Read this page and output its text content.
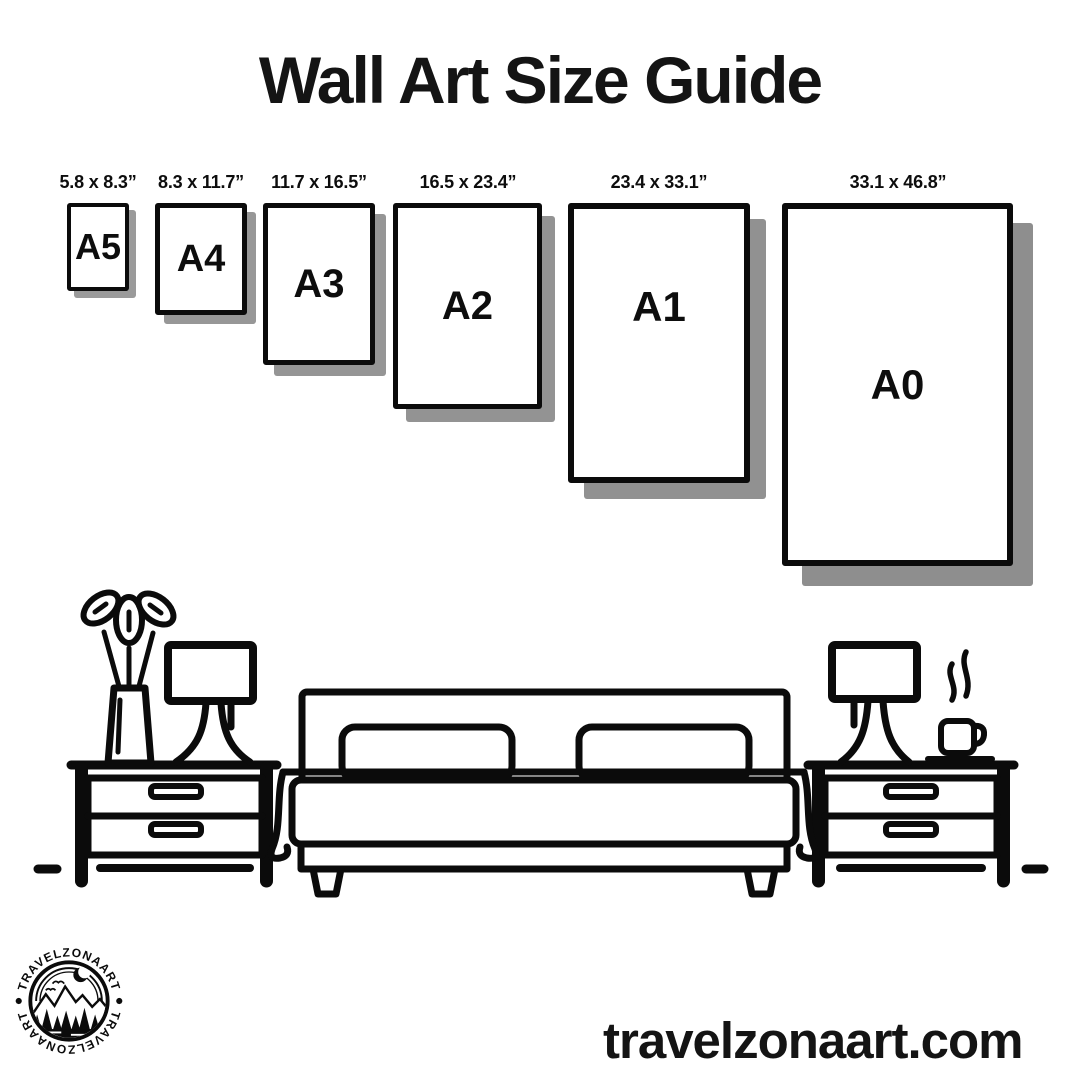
Wall Art Size Guide
5.8 x 8.3” 8.3 x 11.7” 11.7 x 16.5”	16.5 x 23.4”	23.4 x 33.1”	33.1 x 46.8”
A5 A4
A3 A2	A1
A0
TRAVELZONAART
TRAVELZONAART	travelzonaart.com
